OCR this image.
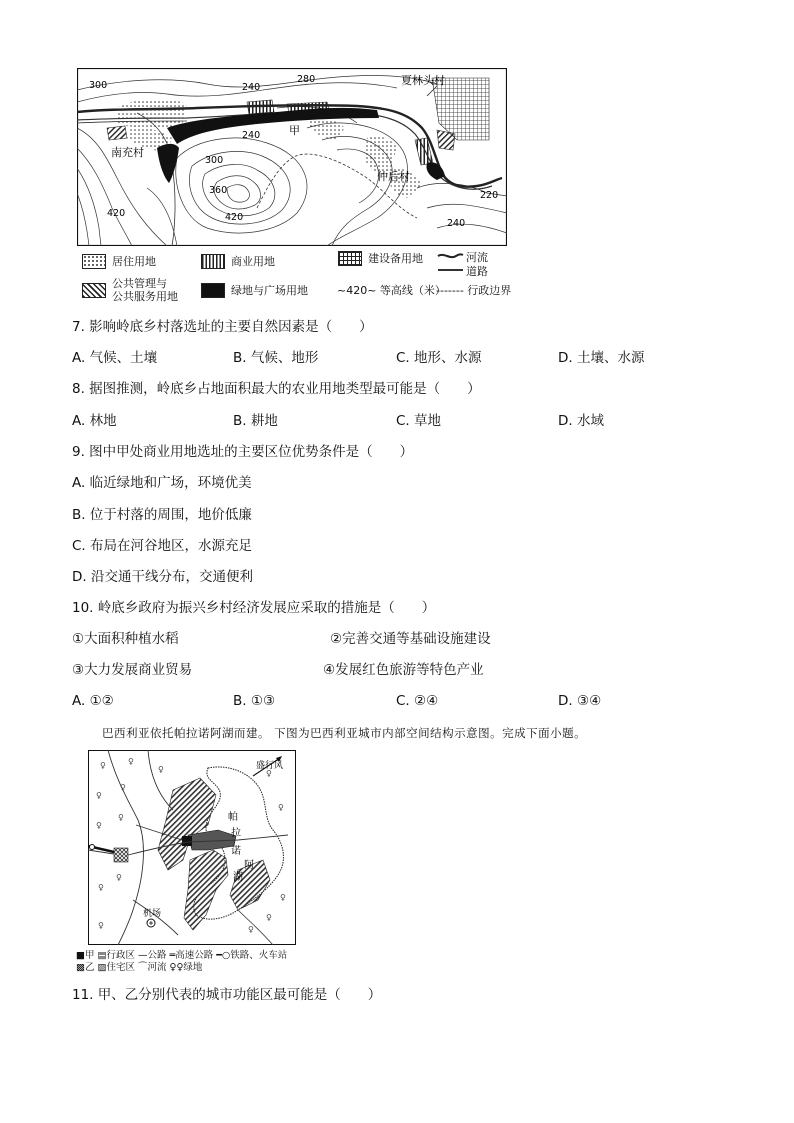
300
280
240
240
300
360
420	420
220
240
夏林头村
南充村
仲后村
甲
居住用地	商业用地	建设备用地	河流
道路
公共管理与
公共服务用地	绿地与广场用地	~420~ 等高线（米）
------- 行政边界
7. 影响岭底乡村落选址的主要自然因素是（　　）
A. 气候、土壤	B. 气候、地形	C. 地形、水源	D. 土壤、水源
8. 据图推测，岭底乡占地面积最大的农业用地类型最可能是（　　）
A. 林地	B. 耕地	C. 草地	D. 水域
9. 图中甲处商业用地选址的主要区位优势条件是（　　）
A. 临近绿地和广场，环境优美
B. 位于村落的周围，地价低廉
C. 布局在河谷地区，水源充足
D. 沿交通干线分布，交通便利
10. 岭底乡政府为振兴乡村经济发展应采取的措施是（　　）
①大面积种植水稻	②完善交通等基础设施建设
③大力发展商业贸易	④发展红色旅游等特色产业
A. ①②	B. ①③	C. ②④	D. ③④
巴西利亚依托帕拉诺阿湖而建。 下图为巴西利亚城市内部空间结构示意图。完成下面小题。
♀	♀
♀
♀
♀
♀
♀
♀
♀
♀
♀
♀
♀	♀
♀
盛行风
帕
拉
诺
阿
湖
机场
■甲 ▤行政区 —公路 ═高速公路 ━○铁路、火车站
▩乙 ▨住宅区 ⌒河流 ♀♀绿地
11. 甲、乙分别代表的城市功能区最可能是（　　）
